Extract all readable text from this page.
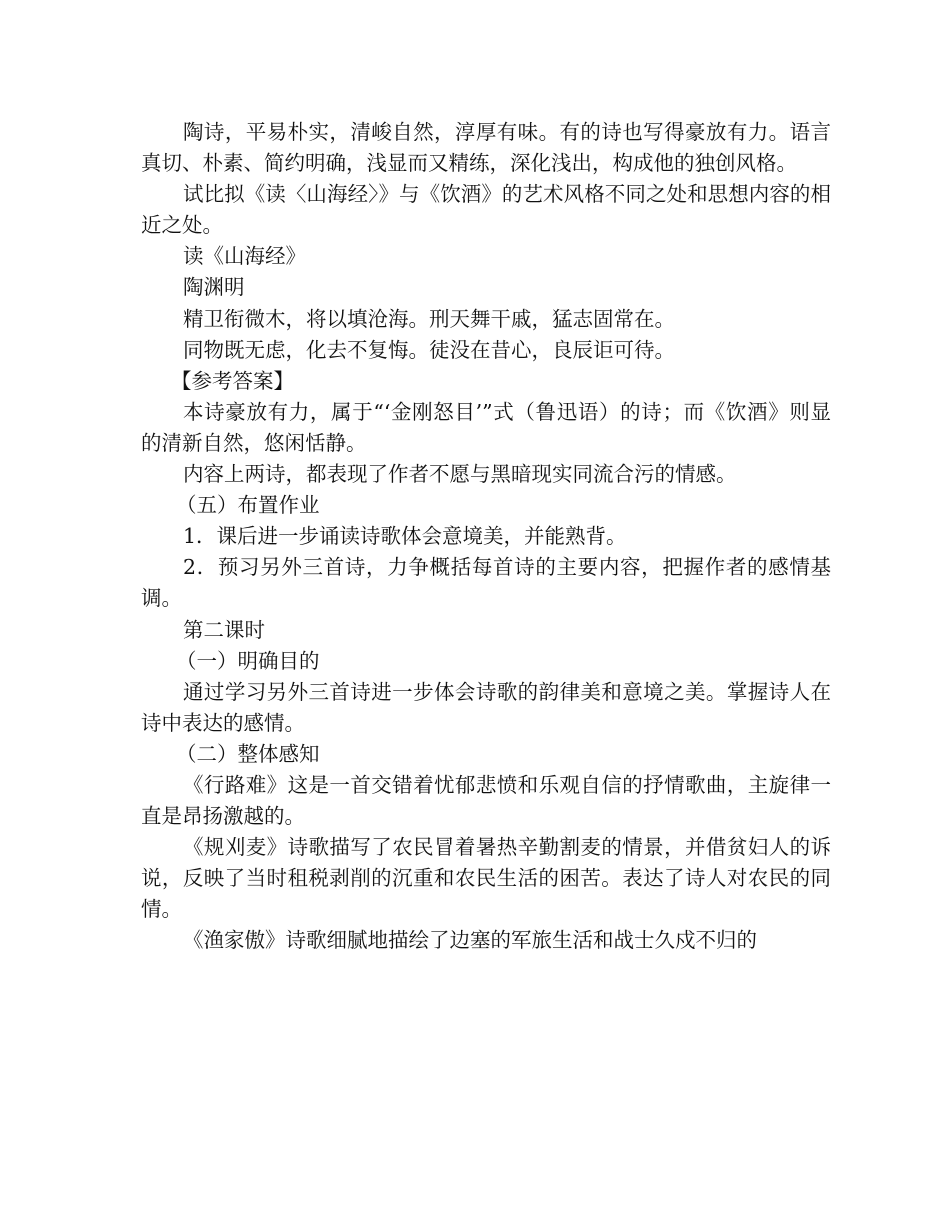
陶诗，平易朴实，清峻自然，淳厚有味。有的诗也写得豪放有力。语言真切、朴素、简约明确，浅显而又精练，深化浅出，构成他的独创风格。

试比拟《读〈山海经〉》与《饮酒》的艺术风格不同之处和思想内容的相近之处。

读《山海经》

陶渊明

精卫衔微木，将以填沧海。刑天舞干戚，猛志固常在。

同物既无虑，化去不复悔。徒没在昔心，良辰讵可待。

【参考答案】

本诗豪放有力，属于“‘金刚怒目’”式（鲁迅语）的诗；而《饮酒》则显的清新自然，悠闲恬静。

内容上两诗，都表现了作者不愿与黑暗现实同流合污的情感。

（五）布置作业

1．课后进一步诵读诗歌体会意境美，并能熟背。

2．预习另外三首诗，力争概括每首诗的主要内容，把握作者的感情基调。

第二课时

（一）明确目的

通过学习另外三首诗进一步体会诗歌的韵律美和意境之美。掌握诗人在诗中表达的感情。

（二）整体感知

《行路难》这是一首交错着忧郁悲愤和乐观自信的抒情歌曲，主旋律一直是昂扬激越的。

《规刈麦》诗歌描写了农民冒着暑热辛勤割麦的情景，并借贫妇人的诉说，反映了当时租税剥削的沉重和农民生活的困苦。表达了诗人对农民的同情。

《渔家傲》诗歌细腻地描绘了边塞的军旅生活和战士久戍不归的
